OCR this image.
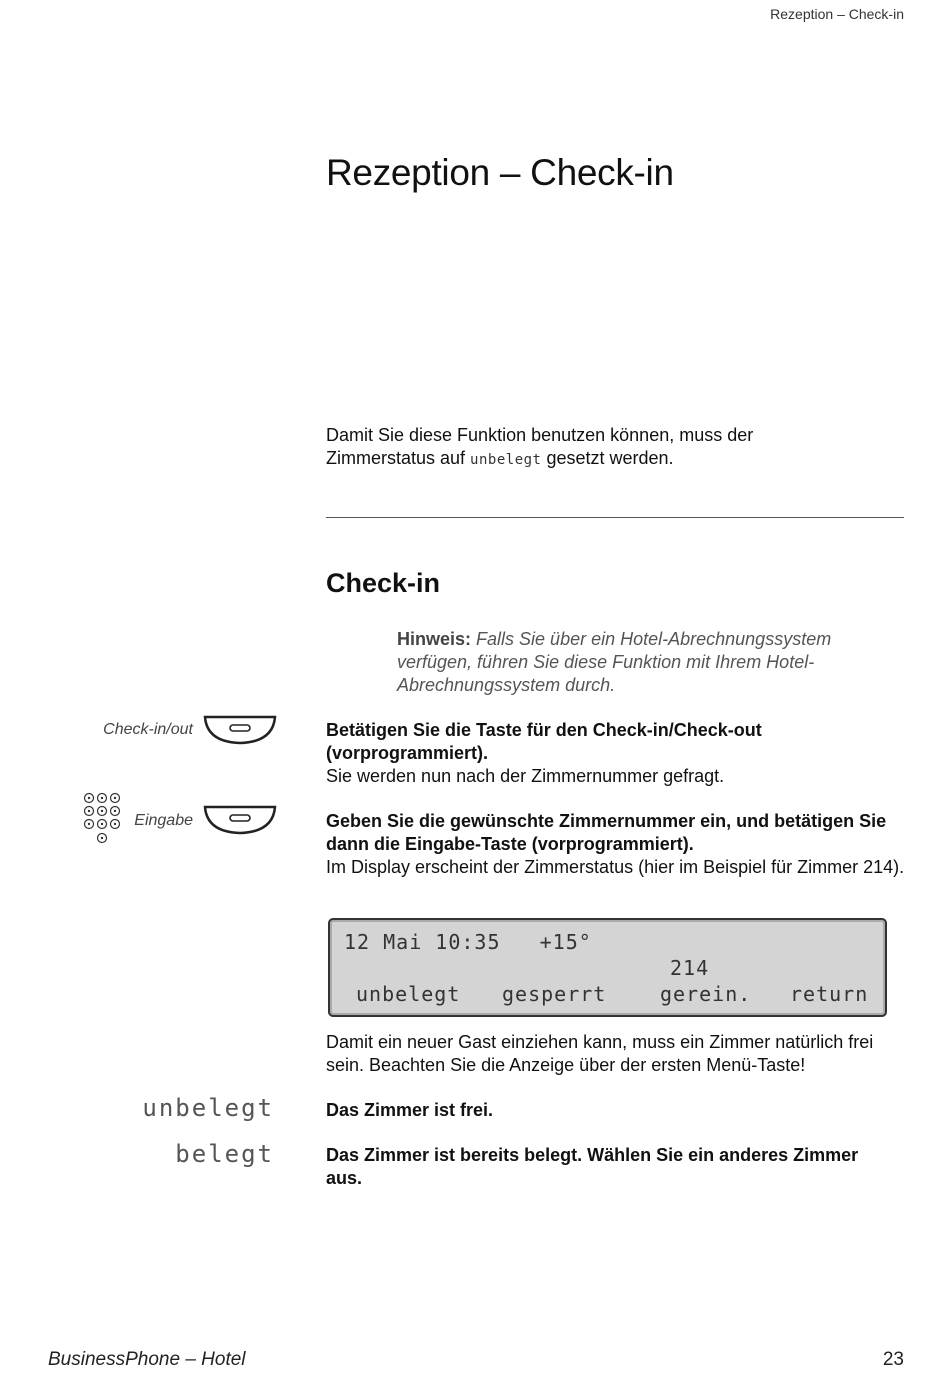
Rezeption – Check-in
Rezeption – Check-in
Damit Sie diese Funktion benutzen können, muss der Zimmerstatus auf unbelegt gesetzt werden.
Check-in
Hinweis: Falls Sie über ein Hotel-Abrechnungssystem verfügen, führen Sie diese Funktion mit Ihrem Hotel-Abrechnungssystem durch.
Check-in/out	Betätigen Sie die Taste für den Check-in/Check-out (vorprogrammiert).
Sie werden nun nach der Zimmernummer gefragt.
Eingabe	Geben Sie die gewünschte Zimmernummer ein, und betätigen Sie dann die Eingabe-Taste (vorprogrammiert).
Im Display erscheint der Zimmerstatus (hier im Beispiel für Zimmer 214).
12 Mai 10:35   +15°
214
unbelegt gesperrt	gerein. return
Damit ein neuer Gast einziehen kann, muss ein Zimmer natürlich frei sein. Beachten Sie die Anzeige über der ersten Menü-Taste!
unbelegt	Das Zimmer ist frei.
belegt	Das Zimmer ist bereits belegt. Wählen Sie ein anderes Zimmer aus.
BusinessPhone – Hotel	23
